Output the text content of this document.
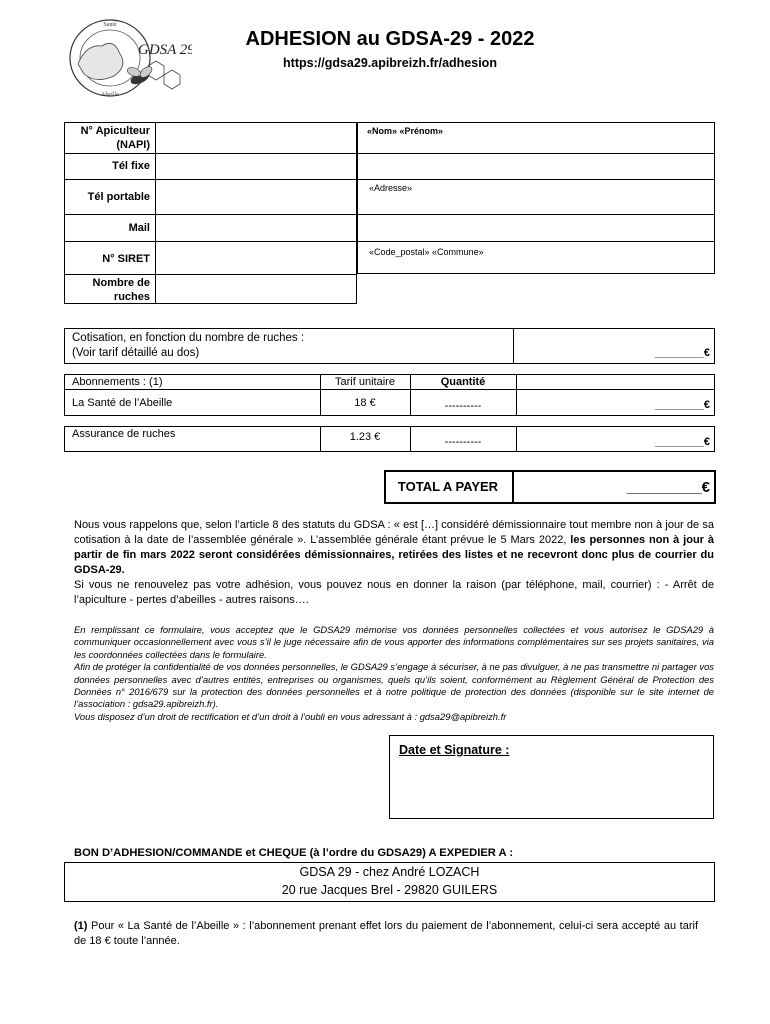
Santé
Abeille
GDSA 29	ADHESION au GDSA-29 - 2022
https://gdsa29.apibreizh.fr/adhesion
N° Apiculteur (NAPI)
Tél fixe
Tél portable
Mail
N° SIRET
Nombre de ruches
«Nom» «Prénom»
«Adresse»
«Code_postal» «Commune»
Cotisation, en fonction du nombre de ruches :
(Voir tarif détaillé au dos)	________€
Abonnements : (1)	Tarif unitaire	Quantité
La Santé de l’Abeille	18 €	----------	________€
Assurance de ruches	1.23 €	----------	________€
TOTAL A PAYER	_________€
Nous vous rappelons que, selon l’article 8 des statuts du GDSA : « est […] considéré démissionnaire tout membre non à jour de sa cotisation à la date de l’assemblée générale ». L’assemblée générale étant prévue le 5 Mars 2022, les personnes non à jour à partir de fin mars 2022 seront considérées démissionnaires, retirées des listes et ne recevront donc plus de courrier du GDSA-29.
Si vous ne renouvelez pas votre adhésion, vous pouvez nous en donner la raison (par téléphone, mail, courrier) : - Arrêt de l’apiculture - pertes d’abeilles - autres raisons….
En remplissant ce formulaire, vous acceptez que le GDSA29 mémorise vos données personnelles collectées et vous autorisez le GDSA29 à communiquer occasionnellement avec vous s’il le juge nécessaire afin de vous apporter des informations complémentaires sur ses projets sanitaires, via les coordonnées collectées dans le formulaire.
Afin de protéger la confidentialité de vos données personnelles, le GDSA29 s’engage à sécuriser, à ne pas divulguer, à ne pas transmettre ni partager vos données personnelles avec d’autres entités, entreprises ou organismes, quels qu’ils soient, conformément au Règlement Général de Protection des Données n° 2016/679 sur la protection des données personnelles et à notre politique de protection des données (disponible sur le site internet de l’association : gdsa29.apibreizh.fr).
Vous disposez d’un droit de rectification et d’un droit à l’oubli en vous adressant à : gdsa29@apibreizh.fr
Date et Signature :
BON D’ADHESION/COMMANDE et CHEQUE (à l’ordre du GDSA29) A EXPEDIER A :
GDSA 29 - chez André LOZACH
20 rue Jacques Brel - 29820 GUILERS
(1) Pour « La Santé de l’Abeille » : l’abonnement prenant effet lors du paiement de l’abonnement, celui-ci sera accepté au tarif de 18 € toute l’année.
